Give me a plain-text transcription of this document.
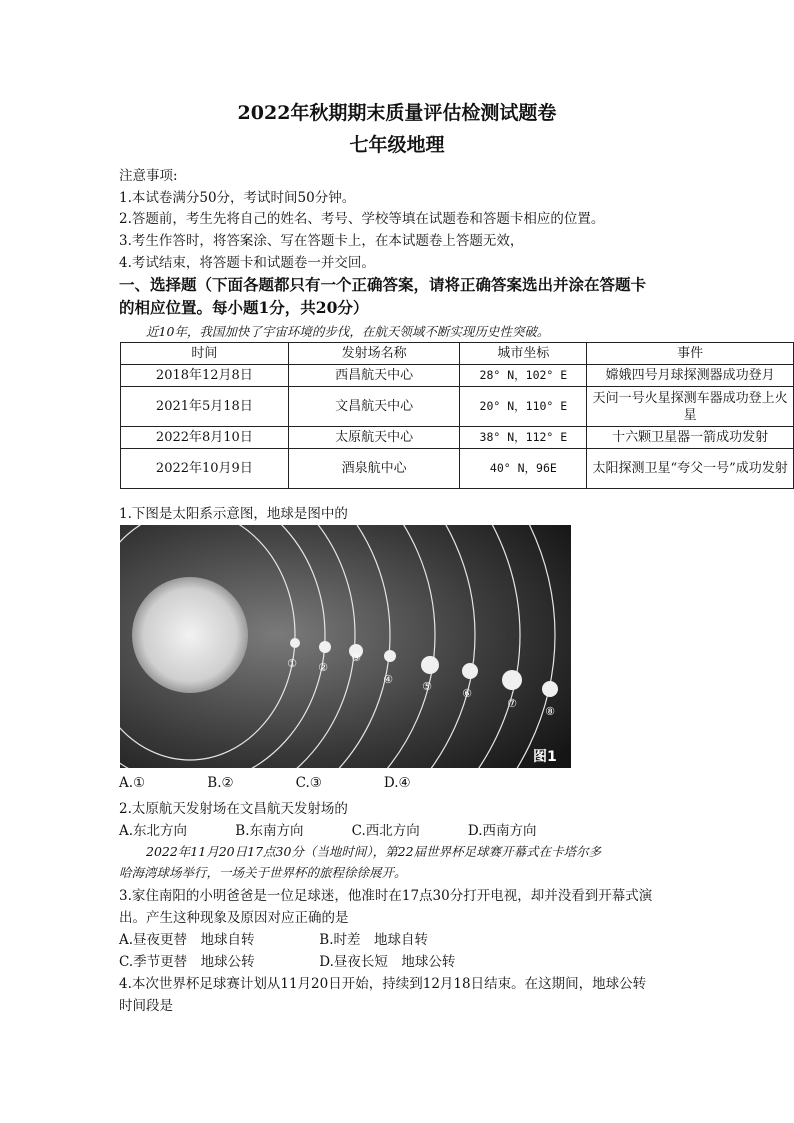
2022年秋期期末质量评估检测试题卷
七年级地理
注意事项:
1.本试卷满分50分，考试时间50分钟。
2.答题前，考生先将自己的姓名、考号、学校等填在试题卷和答题卡相应的位置。
3.考生作答时，将答案涂、写在答题卡上，在本试题卷上答题无效，
4.考试结束，将答题卡和试题卷一并交回。
一、选择题（下面各题都只有一个正确答案，请将正确答案选出并涂在答题卡
的相应位置。每小题1分，共20分）
近10年，我国加快了宇宙环境的步伐，在航天领域不断实现历史性突破。
时间	发射场名称	城市坐标	事件
2018年12月8日	西昌航天中心	28° N，102° E	嫦娥四号月球探测器成功登月
2021年5月18日	文昌航天中心	20° N，110° E	天问一号火星探测车器成功登上火星
2022年8月10日	太原航天中心	38° N，112° E	十六颗卫星器一箭成功发射
2022年10月9日	酒泉航中心	40° N，96E	太阳探测卫星“夸父一号”成功发射
1.下图是太阳系示意图，地球是图中的
① ②
③
④
⑤
⑥
⑦
⑧
图1
A.①	B.②	C.③	D.④
2.太原航天发射场在文昌航天发射场的
A.东北方向	B.东南方向	C.西北方向	D.西南方向
2022年11月20日17点30分（当地时间），第22届世界杯足球赛开幕式在卡塔尔多
哈海湾球场举行，一场关于世界杯的旅程徐徐展开。
3.家住南阳的小明爸爸是一位足球迷，他准时在17点30分打开电视，却并没看到开幕式演
出。产生这种现象及原因对应正确的是
A.昼夜更替　地球自转	B.时差　地球自转
C.季节更替　地球公转	D.昼夜长短　地球公转
4.本次世界杯足球赛计划从11月20日开始，持续到12月18日结束。在这期间，地球公转
时间段是
